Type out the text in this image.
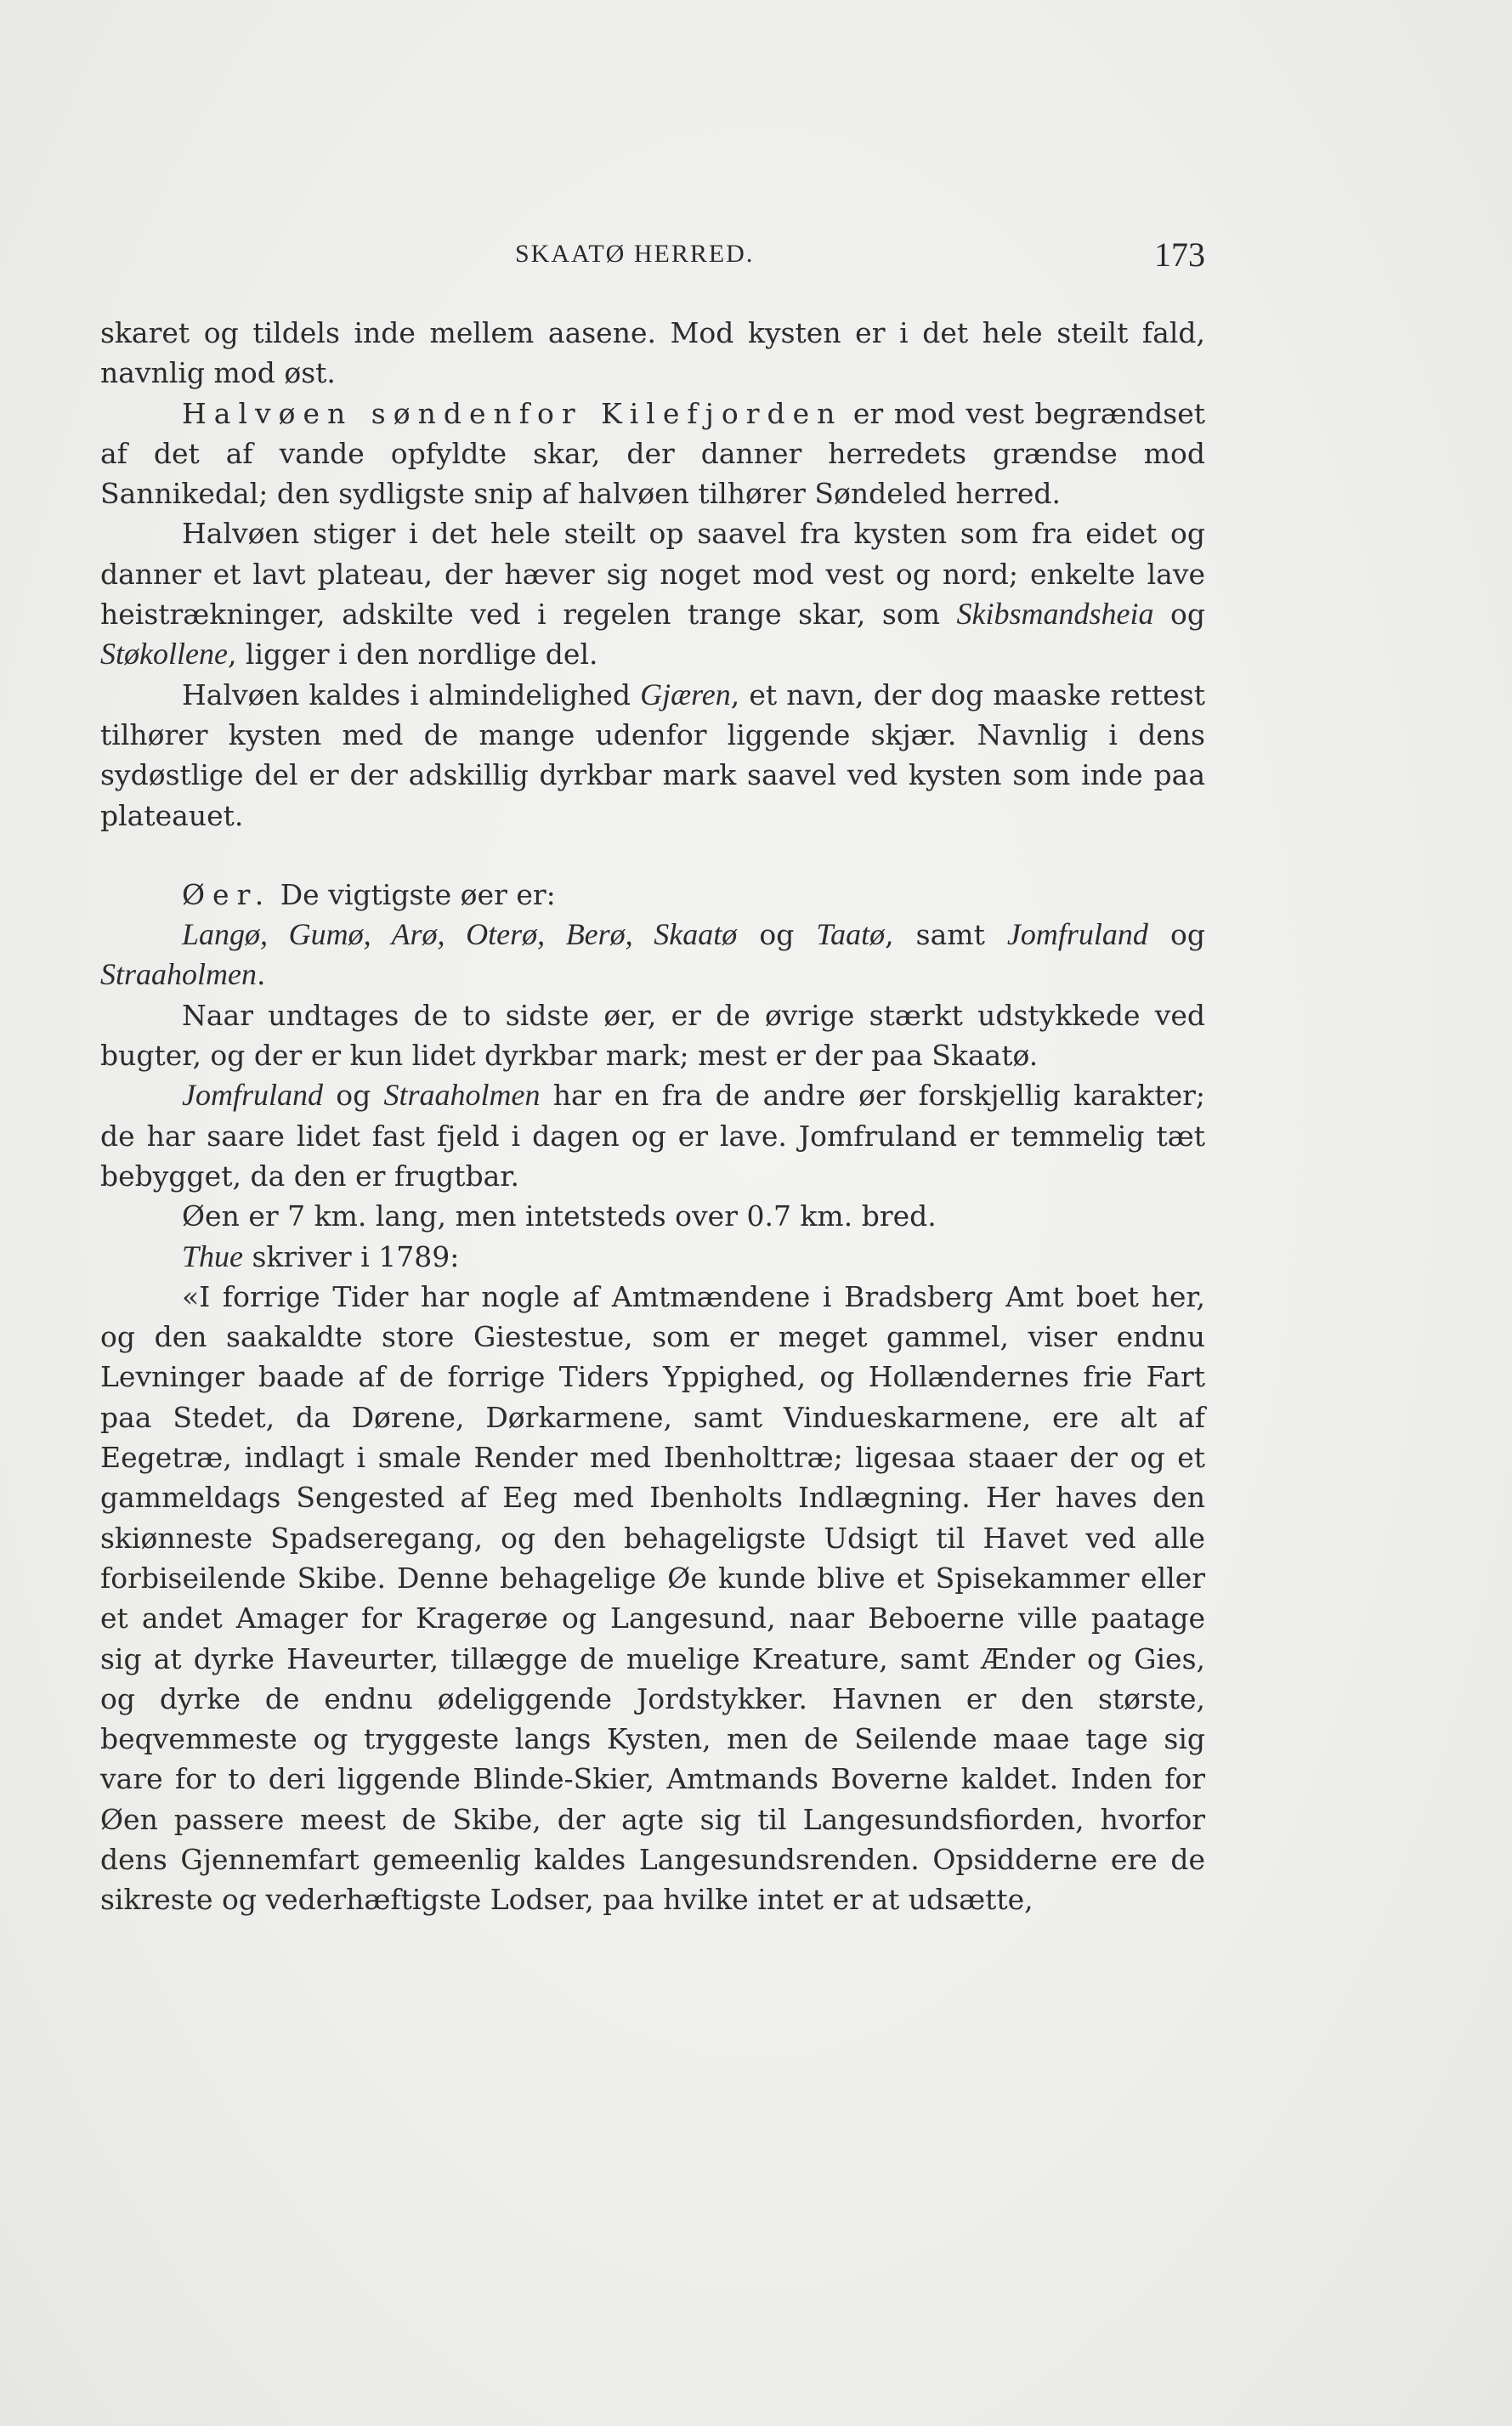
SKAATØ HERRED.	173

skaret og tildels inde mellem aasene. Mod kysten er i det hele steilt fald, navnlig mod øst.

Halvøen søndenfor Kilefjorden er mod vest begrændset af det af vande opfyldte skar, der danner herredets grændse mod Sannikedal; den sydligste snip af halvøen tilhører Søndeled herred.

Halvøen stiger i det hele steilt op saavel fra kysten som fra eidet og danner et lavt plateau, der hæver sig noget mod vest og nord; enkelte lave heistrækninger, adskilte ved i regelen trange skar, som Skibsmandsheia og Støkollene, ligger i den nordlige del.

Halvøen kaldes i almindelighed Gjæren, et navn, der dog maaske rettest tilhører kysten med de mange udenfor liggende skjær. Navnlig i dens sydøstlige del er der adskillig dyrkbar mark saavel ved kysten som inde paa plateauet.

Øer. De vigtigste øer er:

Langø, Gumø, Arø, Oterø, Berø, Skaatø og Taatø, samt Jomfruland og Straaholmen.

Naar undtages de to sidste øer, er de øvrige stærkt udstykkede ved bugter, og der er kun lidet dyrkbar mark; mest er der paa Skaatø.

Jomfruland og Straaholmen har en fra de andre øer forskjellig karakter; de har saare lidet fast fjeld i dagen og er lave. Jomfruland er temmelig tæt bebygget, da den er frugtbar.

Øen er 7 km. lang, men intetsteds over 0.7 km. bred.

Thue skriver i 1789:

«I forrige Tider har nogle af Amtmændene i Bradsberg Amt boet her, og den saakaldte store Giestestue, som er meget gammel, viser endnu Levninger baade af de forrige Tiders Yppighed, og Hollændernes frie Fart paa Stedet, da Dørene, Dørkarmene, samt Vindueskarmene, ere alt af Eegetræ, indlagt i smale Render med Ibenholttræ; ligesaa staaer der og et gammeldags Sengested af Eeg med Ibenholts Indlægning. Her haves den skiønneste Spadseregang, og den behageligste Udsigt til Havet ved alle forbiseilende Skibe. Denne behagelige Øe kunde blive et Spisekammer eller et andet Amager for Kragerøe og Langesund, naar Beboerne ville paatage sig at dyrke Haveurter, tillægge de muelige Kreature, samt Ænder og Gies, og dyrke de endnu ødeliggende Jordstykker. Havnen er den største, beqvemmeste og tryggeste langs Kysten, men de Seilende maae tage sig vare for to deri liggende Blinde-Skier, Amtmands Boverne kaldet. Inden for Øen passere meest de Skibe, der agte sig til Langesundsfiorden, hvorfor dens Gjennemfart gemeenlig kaldes Langesundsrenden. Opsidderne ere de sikreste og vederhæftigste Lodser, paa hvilke intet er at udsætte,
